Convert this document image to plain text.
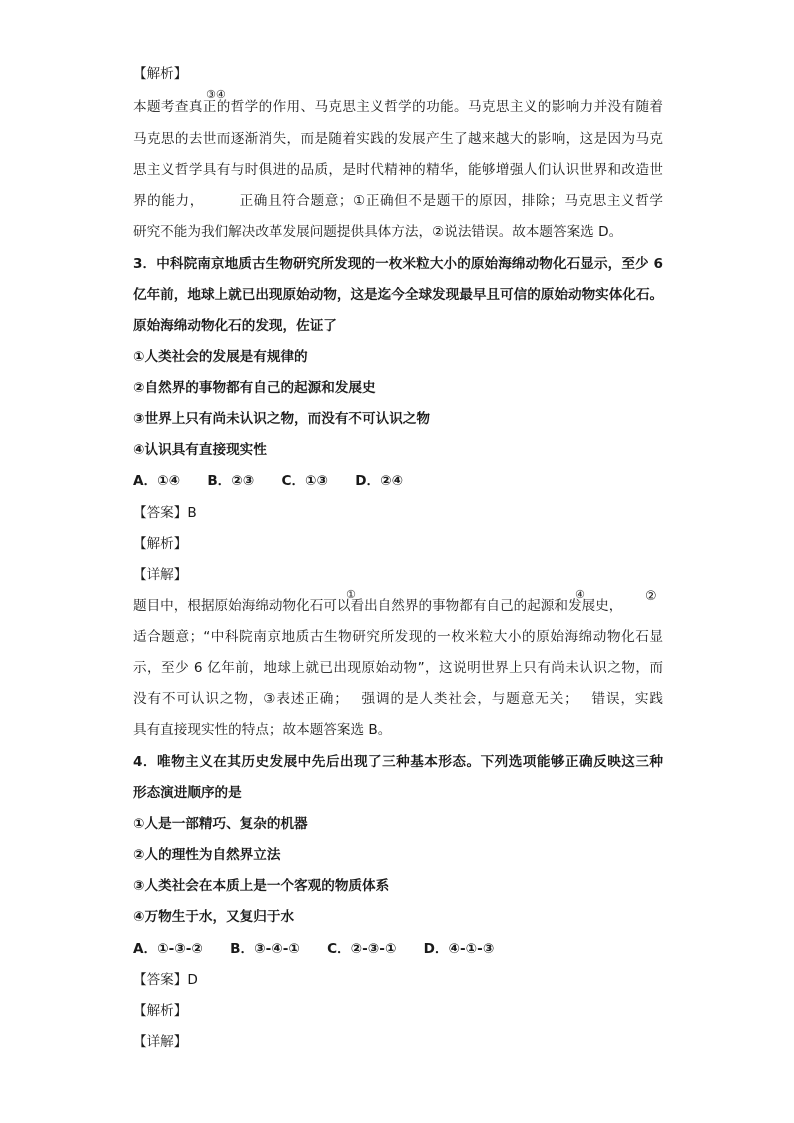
【解析】
③④
本题考查真正的哲学的作用、马克思主义哲学的功能。马克思主义的影响力并没有随着
马克思的去世而逐渐消失，而是随着实践的发展产生了越来越大的影响，这是因为马克
思主义哲学具有与时俱进的品质，是时代精神的精华，能够增强人们认识世界和改造世
界的能力，　　　正确且符合题意；①正确但不是题干的原因，排除；马克思主义哲学
研究不能为我们解决改革发展问题提供具体方法，②说法错误。故本题答案选 D。
3．中科院南京地质古生物研究所发现的一枚米粒大小的原始海绵动物化石显示，至少 6
亿年前，地球上就已出现原始动物，这是迄今全球发现最早且可信的原始动物实体化石。
原始海绵动物化石的发现，佐证了
①人类社会的发展是有规律的
②自然界的事物都有自己的起源和发展史
③世界上只有尚未认识之物，而没有不可认识之物
④认识具有直接现实性
A．①④　　B．②③　　C．①③　　D．②④
【答案】B
【解析】
【详解】
①	④
题目中，根据原始海绵动物化石可以看出自然界的事物都有自己的起源和发展史，
②
适合题意；“中科院南京地质古生物研究所发现的一枚米粒大小的原始海绵动物化石显
示，至少 6 亿年前，地球上就已出现原始动物”，这说明世界上只有尚未认识之物，而
没有不可认识之物，③表述正确；　 强调的是人类社会，与题意无关；　 错误，实践
具有直接现实性的特点；故本题答案选 B。
4．唯物主义在其历史发展中先后出现了三种基本形态。下列选项能够正确反映这三种
形态演进顺序的是
①人是一部精巧、复杂的机器
②人的理性为自然界立法
③人类社会在本质上是一个客观的物质体系
④万物生于水，又复归于水
A．①-③-②　　B．③-④-①　　C．②-③-①　　D．④-①-③
【答案】D
【解析】
【详解】
